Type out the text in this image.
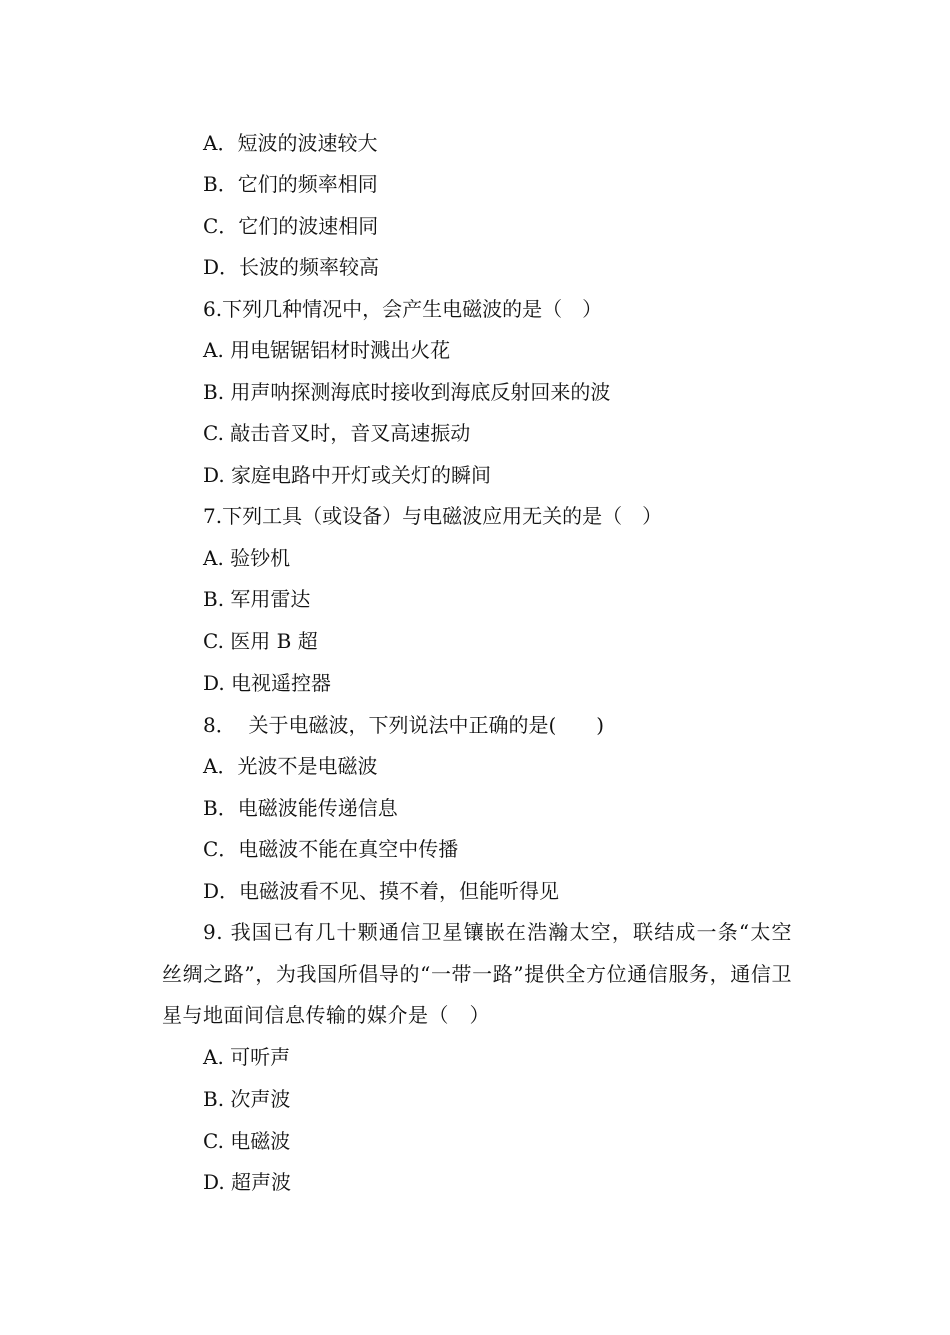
A．短波的波速较大
B．它们的频率相同
C．它们的波速相同
D．长波的频率较高
6.下列几种情况中，会产生电磁波的是（　）
A. 用电锯锯铝材时溅出火花
B. 用声呐探测海底时接收到海底反射回来的波
C. 敲击音叉时，音叉高速振动
D. 家庭电路中开灯或关灯的瞬间
7.下列工具（或设备）与电磁波应用无关的是（　）
A. 验钞机
B. 军用雷达
C. 医用 B 超
D. 电视遥控器
8．  关于电磁波，下列说法中正确的是(　　)
A．光波不是电磁波
B．电磁波能传递信息
C．电磁波不能在真空中传播
D．电磁波看不见、摸不着，但能听得见
9. 我国已有几十颗通信卫星镶嵌在浩瀚太空，联结成一条“太空丝绸之路”，为我国所倡导的“一带一路”提供全方位通信服务，通信卫星与地面间信息传输的媒介是（　）
A. 可听声
B. 次声波
C. 电磁波
D. 超声波
